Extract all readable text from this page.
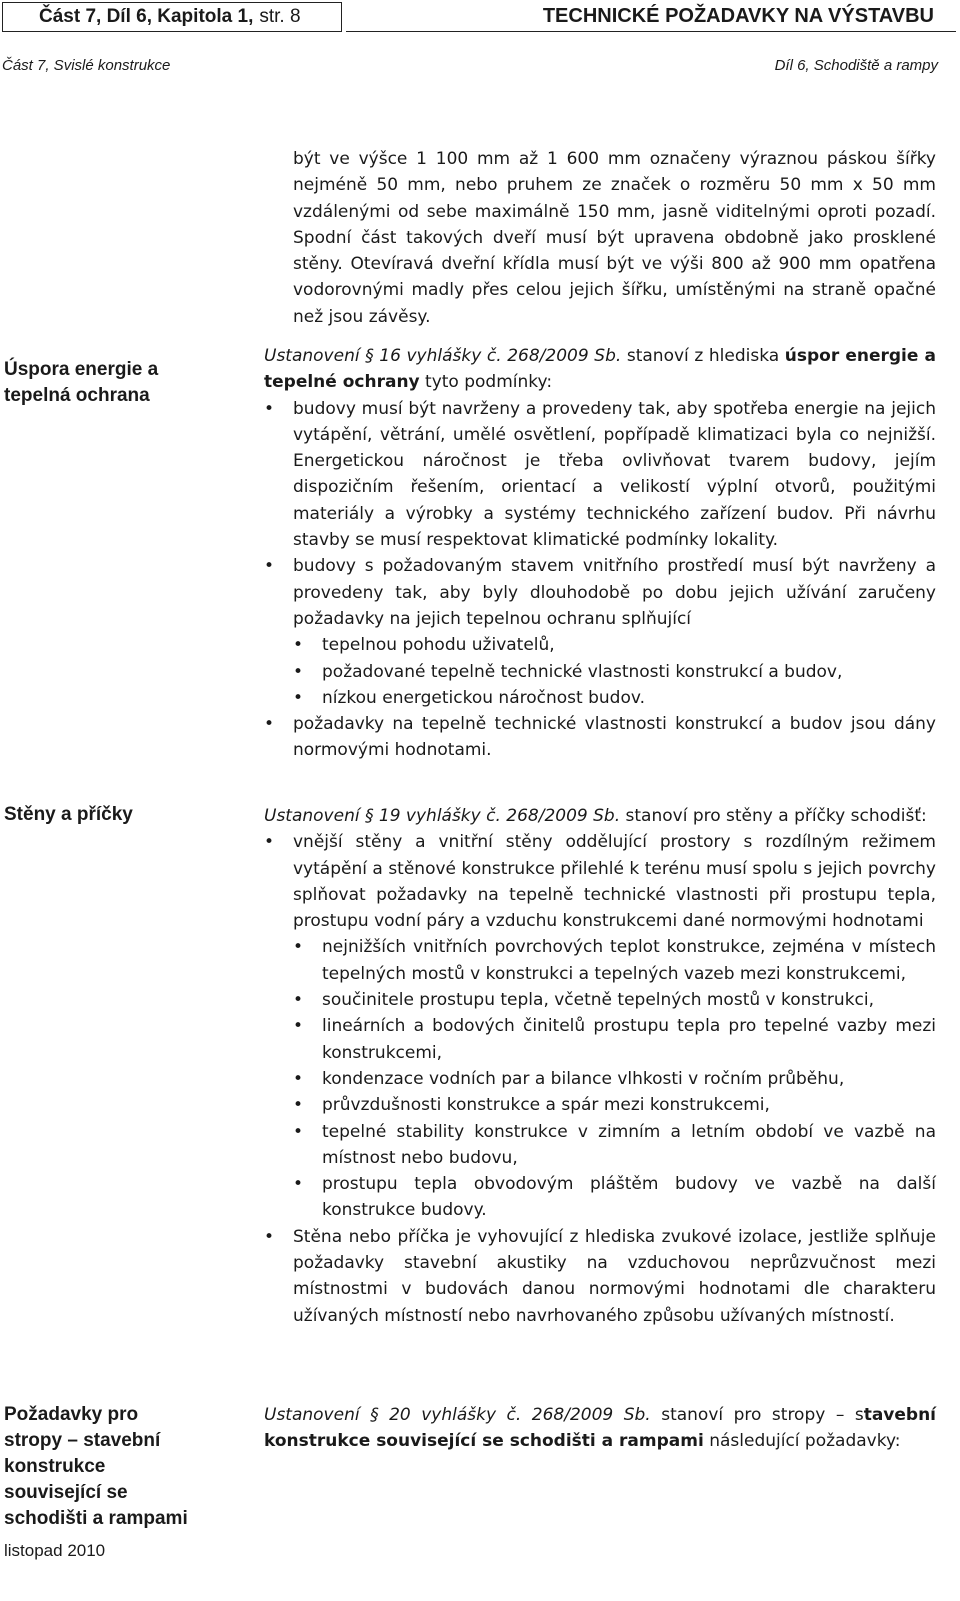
Část 7, Díl 6, Kapitola 1, str. 8	TECHNICKÉ POŽADAVKY NA VÝSTAVBU
Část 7, Svislé konstrukce	Díl 6, Schodiště a rampy
Úspora energie a tepelná ochrana
Stěny a příčky
Požadavky pro stropy – stavební konstrukce související se schodišti a rampami

být ve výšce 1 100 mm až 1 600 mm označeny výraznou páskou šířky nejméně 50 mm, nebo pruhem ze značek o rozměru 50 mm x 50 mm vzdálenými od sebe maximálně 150 mm, jasně viditelnými oproti pozadí. Spodní část takových dveří musí být upravena obdobně jako prosklené stěny. Otevíravá dveřní křídla musí být ve výši 800 až 900 mm opatřena vodorovnými madly přes celou jejich šířku, umístěnými na straně opačné než jsou závěsy.

Ustanovení § 16 vyhlášky č. 268/2009 Sb. stanoví z hlediska úspor energie a tepelné ochrany tyto podmínky:

• budovy musí být navrženy a provedeny tak, aby spotřeba energie na jejich vytápění, větrání, umělé osvětlení, popřípadě klimatizaci byla co nejnižší. Energetickou náročnost je třeba ovlivňovat tvarem budovy, jejím dispozičním řešením, orientací a velikostí výplní otvorů, použitými materiály a výrobky a systémy technického zařízení budov. Při návrhu stavby se musí respektovat klimatické podmínky lokality.
• budovy s požadovaným stavem vnitřního prostředí musí být navrženy a provedeny tak, aby byly dlouhodobě po dobu jejich užívání zaručeny požadavky na jejich tepelnou ochranu splňující
• tepelnou pohodu uživatelů,
• požadované tepelně technické vlastnosti konstrukcí a budov,
• nízkou energetickou náročnost budov.
• požadavky na tepelně technické vlastnosti konstrukcí a budov jsou dány normovými hodnotami.

Ustanovení § 19 vyhlášky č. 268/2009 Sb. stanoví pro stěny a příčky schodišť:

• vnější stěny a vnitřní stěny oddělující prostory s rozdílným režimem vytápění a stěnové konstrukce přilehlé k terénu musí spolu s jejich povrchy splňovat požadavky na tepelně technické vlastnosti při prostupu tepla, prostupu vodní páry a vzduchu konstrukcemi dané normovými hodnotami
• nejnižších vnitřních povrchových teplot konstrukce, zejména v místech tepelných mostů v konstrukci a tepelných vazeb mezi konstrukcemi,
• součinitele prostupu tepla, včetně tepelných mostů v konstrukci,
• lineárních a bodových činitelů prostupu tepla pro tepelné vazby mezi konstrukcemi,
• kondenzace vodních par a bilance vlhkosti v ročním průběhu,
• průvzdušnosti konstrukce a spár mezi konstrukcemi,
• tepelné stability konstrukce v zimním a letním období ve vazbě na místnost nebo budovu,
• prostupu tepla obvodovým pláštěm budovy ve vazbě na další konstrukce budovy.
• Stěna nebo příčka je vyhovující z hlediska zvukové izolace, jestliže splňuje požadavky stavební akustiky na vzduchovou neprůzvučnost mezi místnostmi v budovách danou normovými hodnotami dle charakteru užívaných místností nebo navrhovaného způsobu užívaných místností.

Ustanovení § 20 vyhlášky č. 268/2009 Sb. stanoví pro stropy – stavební konstrukce související se schodišti a rampami následující požadavky:

listopad 2010
